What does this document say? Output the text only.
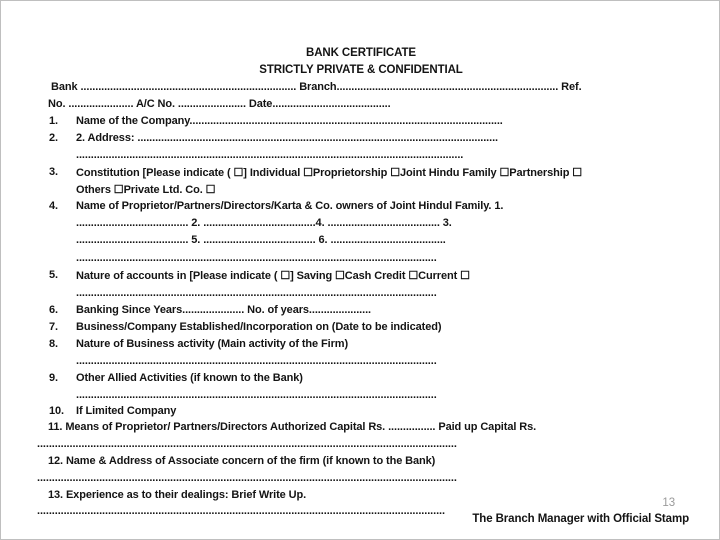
BANK CERTIFICATE
STRICTLY PRIVATE & CONFIDENTIAL
Bank ......................................................................... Branch........................................................................... Ref.
No. ...................... A/C No. ....................... Date........................................
1. Name of the Company..........................................................................................................
2. 2. Address: ..........................................................................................................................
...................................................................................................................................
3. Constitution [Please indicate ( ☐] Individual ☐Proprietorship ☐Joint Hindu Family ☐Partnership ☐
Others ☐Private Ltd. Co. ☐
4. Name of Proprietor/Partners/Directors/Karta & Co. owners of Joint Hindul Family. 1.
...................................... 2. ......................................4. ...................................... 3.
...................................... 5. ...................................... 6. .......................................
..........................................................................................................................
5. Nature of accounts in [Please indicate ( ☐] Saving ☐Cash Credit ☐Current ☐
..........................................................................................................................
6. Banking Since Years..................... No. of years.....................
7. Business/Company Established/Incorporation on (Date to be indicated)
8. Nature of Business activity (Main activity of the Firm)
..........................................................................................................................
9. Other Allied Activities (if known to the Bank)
..........................................................................................................................
10. If Limited Company
11. Means of Proprietor/ Partners/Directors Authorized Capital Rs. ................ Paid up Capital Rs.
..............................................................................................................................................
12. Name & Address of Associate concern of the firm (if known to the Bank)
..............................................................................................................................................
13. Experience as to their dealings: Brief Write Up.
..........................................................................................................................................
13
The Branch Manager with Official Stamp
